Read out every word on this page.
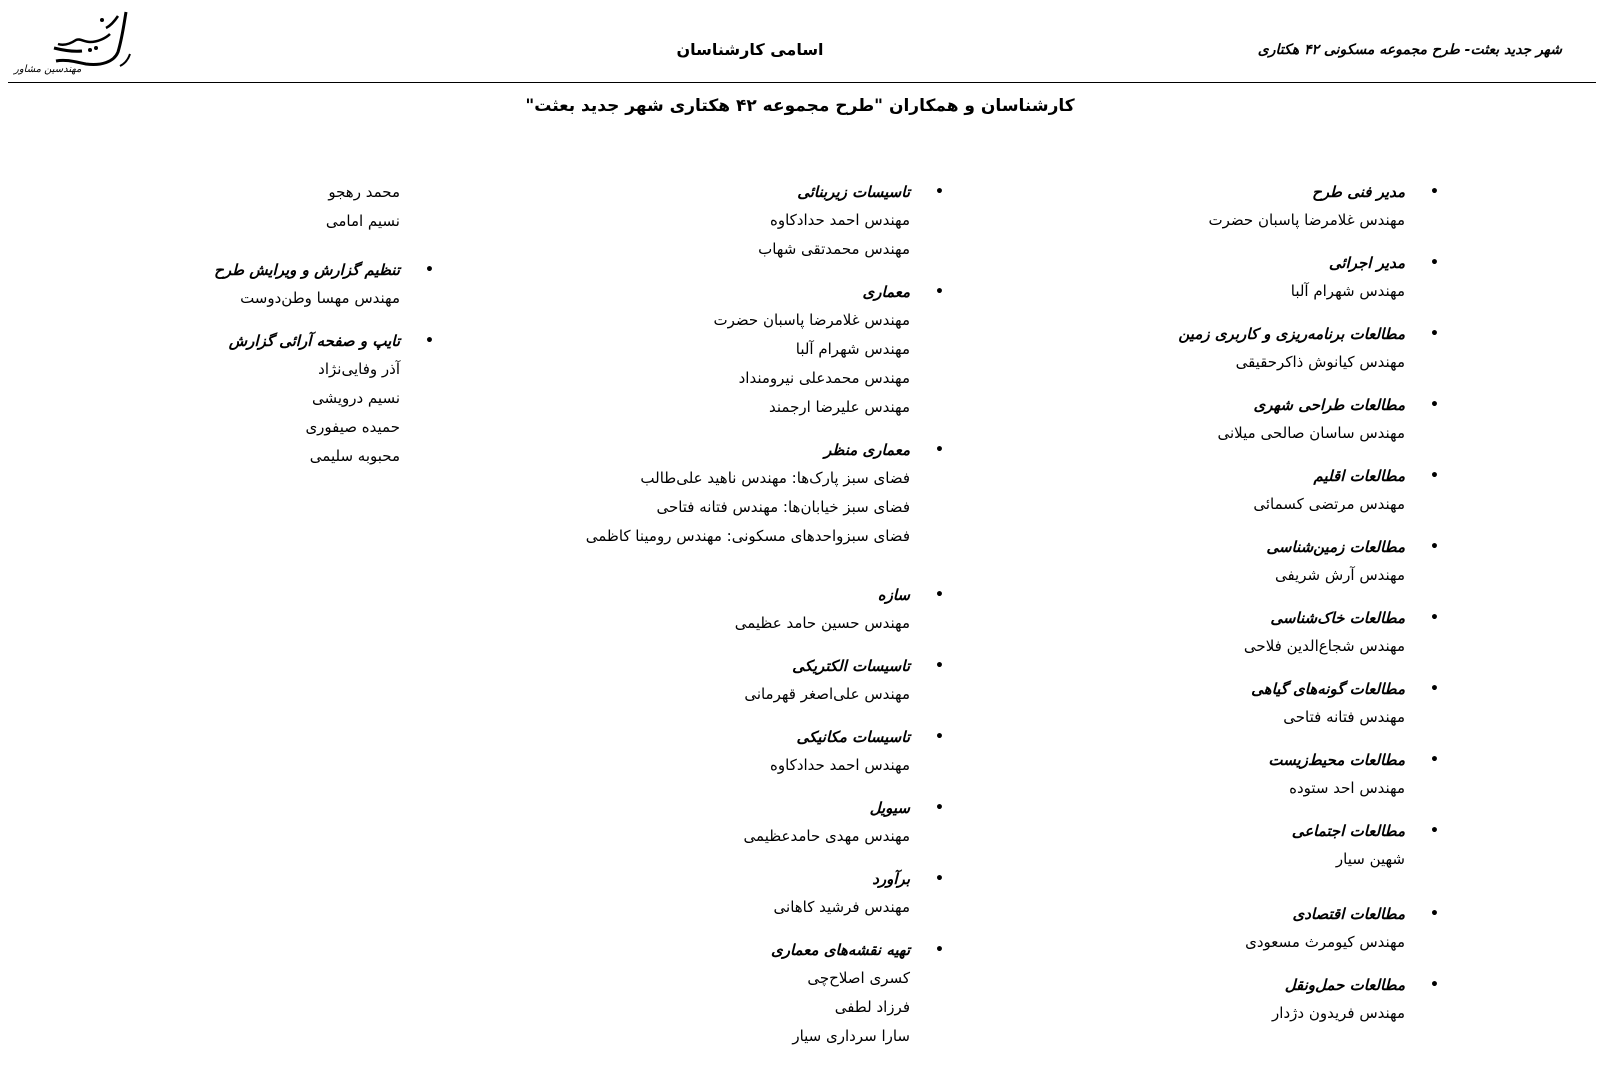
شهر جدید بعثت- طرح مجموعه مسکونی ۴۲ هکتاری
اسامی کارشناسان
مهندسین مشاور
کارشناسان و همکاران "طرح مجموعه ۴۲ هکتاری شهر جدید بعثت"
•
مدیر فنی طرح
مهندس غلامرضا پاسبان حضرت
•
مدیر اجرائی
مهندس شهرام آلبا
•
مطالعات برنامه‌ریزی و کاربری زمین
مهندس کیانوش ذاکرحقیقی
•
مطالعات طراحی شهری
مهندس ساسان صالحی میلانی
•
مطالعات اقلیم
مهندس مرتضی کسمائی
•
مطالعات زمین‌شناسی
مهندس آرش شریفی
•
مطالعات خاک‌شناسی
مهندس شجاع‌الدین فلاحی
•
مطالعات گونه‌های گیاهی
مهندس فتانه فتاحی
•
مطالعات محیط‌زیست
مهندس احد ستوده
•
مطالعات اجتماعی
شهین سیار
•
مطالعات اقتصادی
مهندس کیومرث مسعودی
•
مطالعات حمل‌ونقل
مهندس فریدون دژدار
•
تاسیسات زیربنائی
مهندس احمد حدادکاوه
مهندس محمدتقی شهاب
•
معماری
مهندس غلامرضا پاسبان حضرت
مهندس شهرام آلبا
مهندس محمدعلی نیرومنداد
مهندس علیرضا ارجمند
•
معماری منظر
فضای سبز پارک‌ها: مهندس ناهید علی‌طالب
فضای سبز خیابان‌ها: مهندس فتانه فتاحی
فضای سبزواحدهای مسکونی: مهندس رومینا کاظمی
•
سازه
مهندس حسین حامد عظیمی
•
تاسیسات الکتریکی
مهندس علی‌اصغر قهرمانی
•
تاسیسات مکانیکی
مهندس احمد حدادکاوه
•
سیویل
مهندس مهدی حامدعظیمی
•
برآورد
مهندس فرشید کاهانی
•
تهیه نقشه‌های معماری
کسری اصلاح‌چی
فرزاد لطفی
سارا سرداری سیار
محمد رهجو
نسیم امامی
•
تنظیم گزارش و ویرایش طرح
مهندس مهسا وطن‌دوست
•
تایپ و صفحه آرائی گزارش
آذر وفایی‌نژاد
نسیم درویشی
حمیده صیفوری
محبوبه سلیمی
